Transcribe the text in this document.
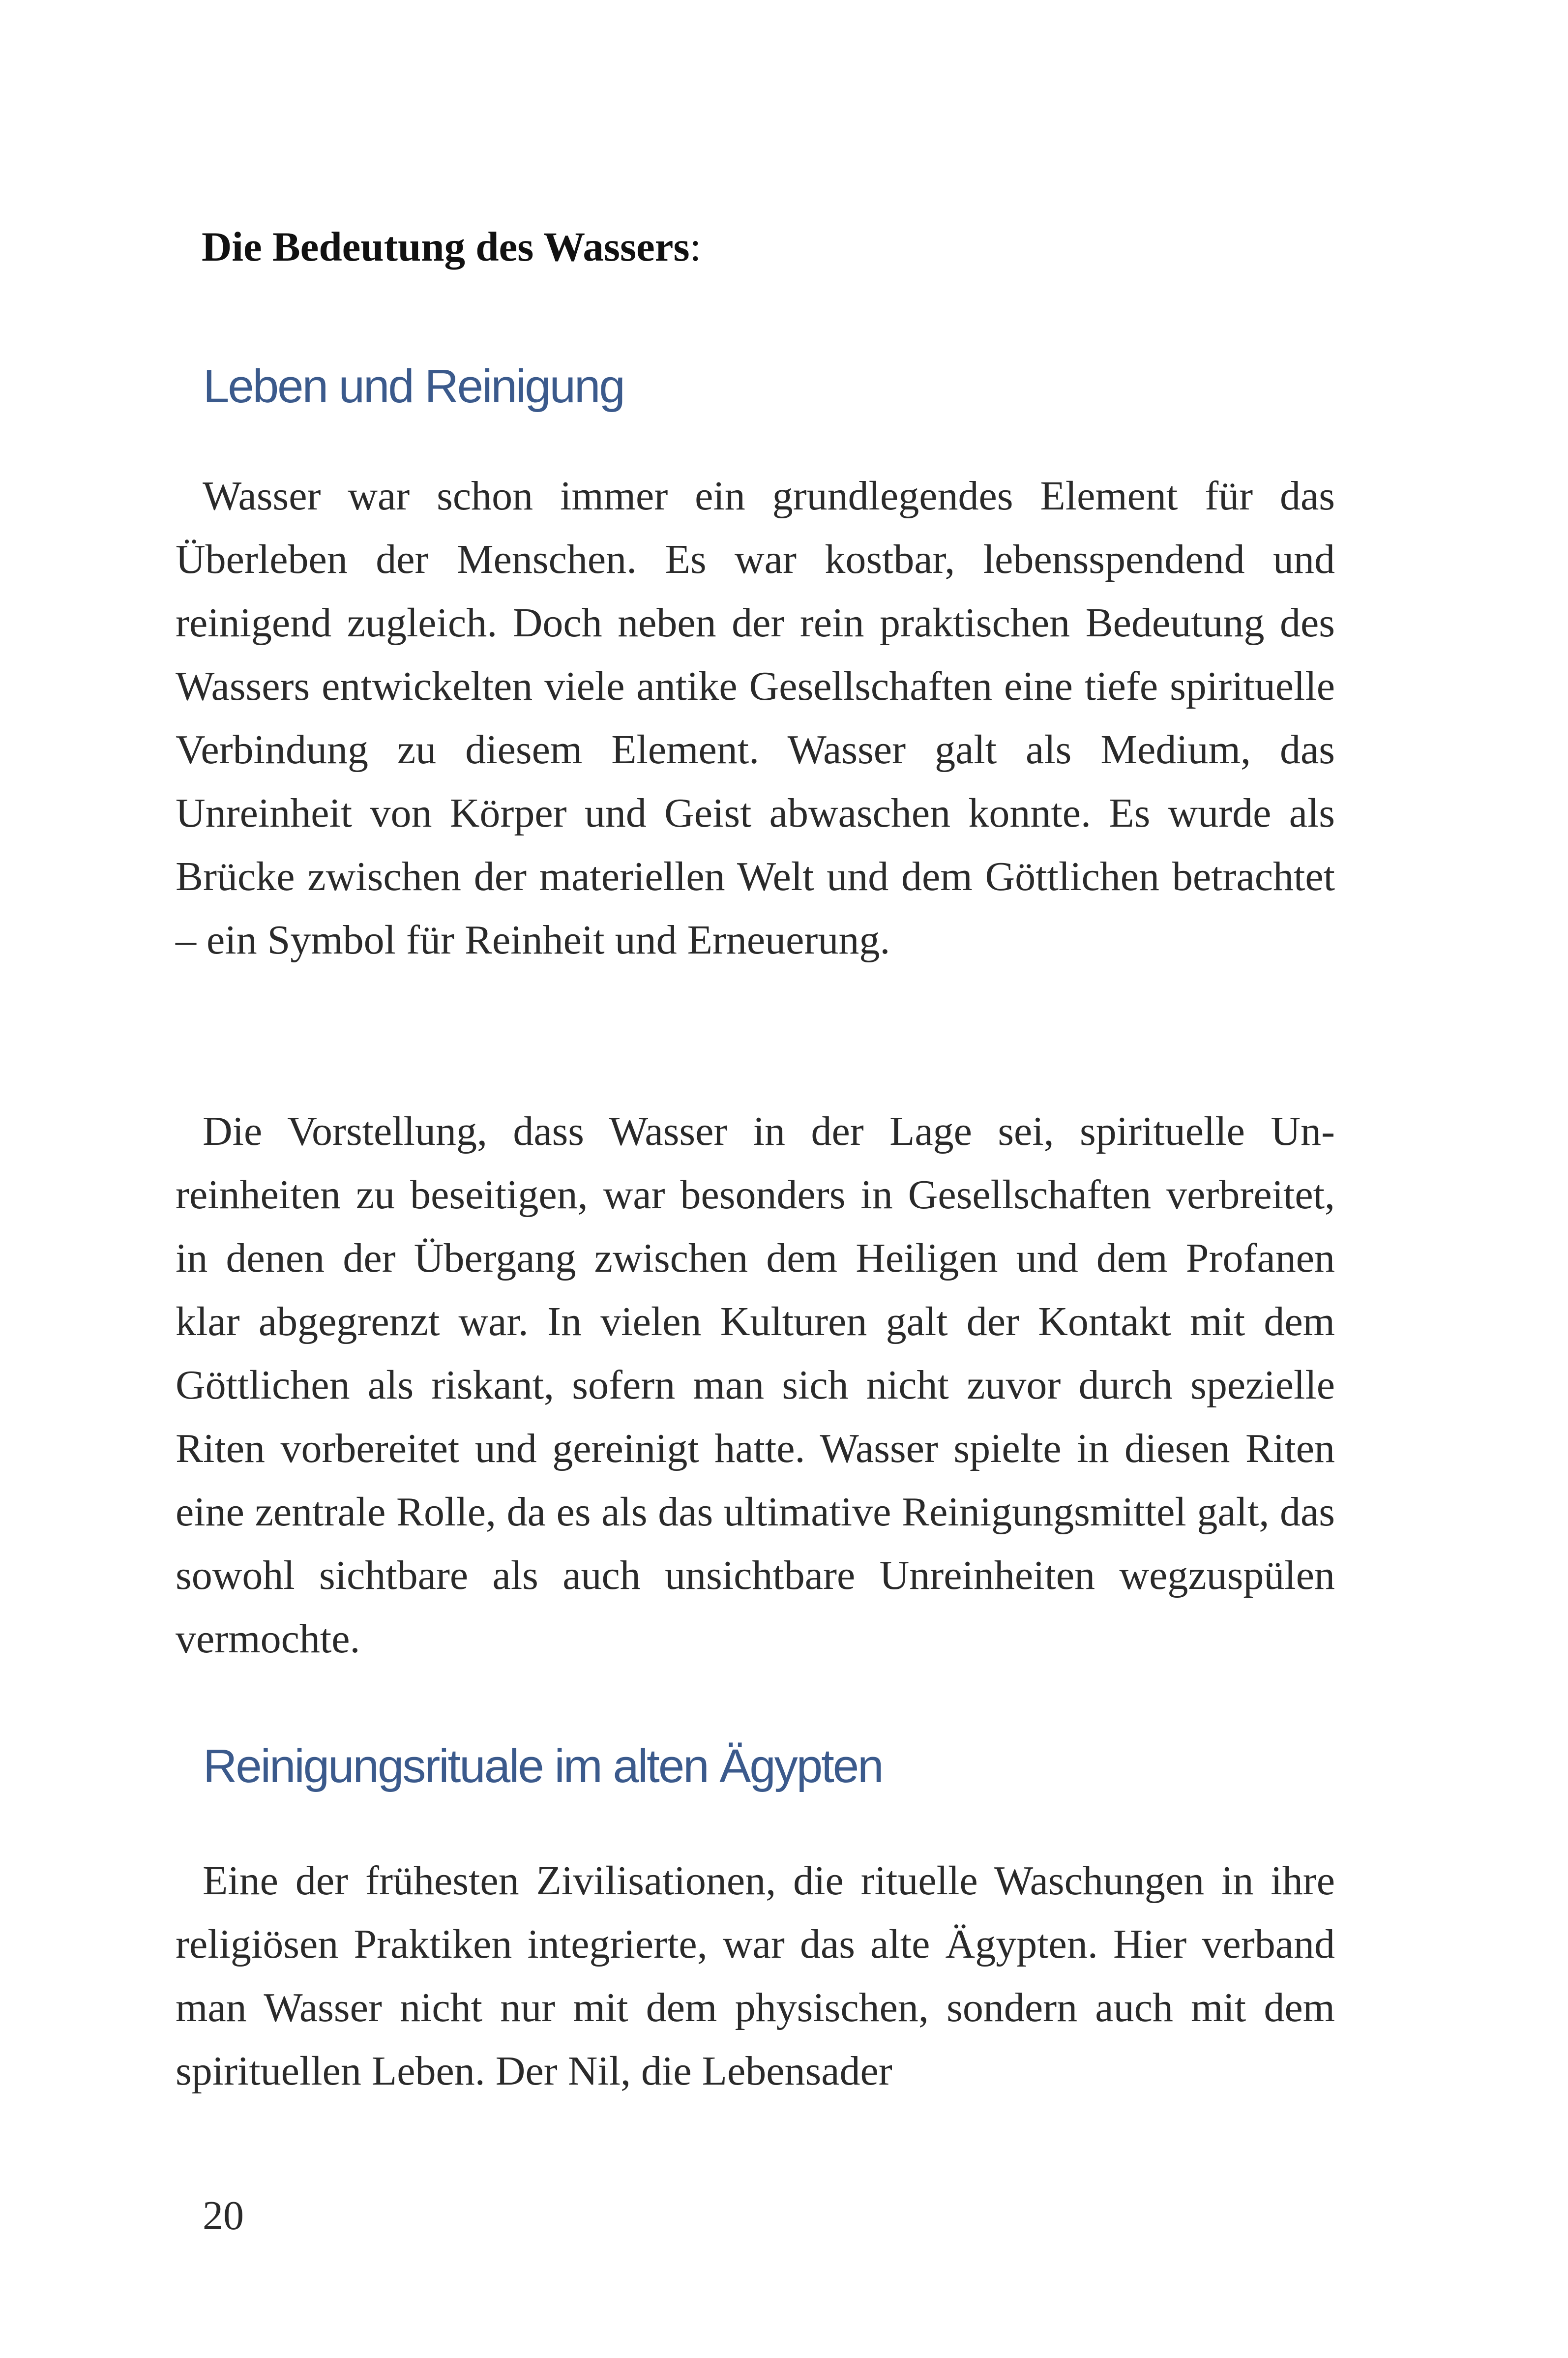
Die Bedeutung des Wassers:

Leben und Reinigung

Wasser war schon immer ein grundlegendes Element für das Überleben der Menschen. Es war kostbar, lebensspendend und reinigend zugleich. Doch neben der rein praktischen Bedeutung des Wassers entwickelten viele antike Gesellschaften eine tiefe spirituelle Verbindung zu diesem Element. Wasser galt als Medium, das Unreinheit von Körper und Geist abwaschen konnte. Es wurde als Brücke zwischen der materiellen Welt und dem Göttlichen betrachtet – ein Symbol für Reinheit und Erneuerung.

Die Vorstellung, dass Wasser in der Lage sei, spirituelle Unreinheiten zu beseitigen, war besonders in Gesellschaften verbreitet, in denen der Übergang zwischen dem Heiligen und dem Profanen klar abgegrenzt war. In vielen Kulturen galt der Kontakt mit dem Göttlichen als riskant, sofern man sich nicht zuvor durch spezielle Riten vorbereitet und gereinigt hatte. Wasser spielte in diesen Riten eine zentrale Rolle, da es als das ultimative Reinigungsmittel galt, das sowohl sichtbare als auch unsichtbare Unreinheiten wegzuspülen vermochte.

Reinigungsrituale im alten Ägypten

Eine der frühesten Zivilisationen, die rituelle Waschungen in ihre religiösen Praktiken integrierte, war das alte Ägypten. Hier verband man Wasser nicht nur mit dem physischen, sondern auch mit dem spirituellen Leben. Der Nil, die Lebensader

20
